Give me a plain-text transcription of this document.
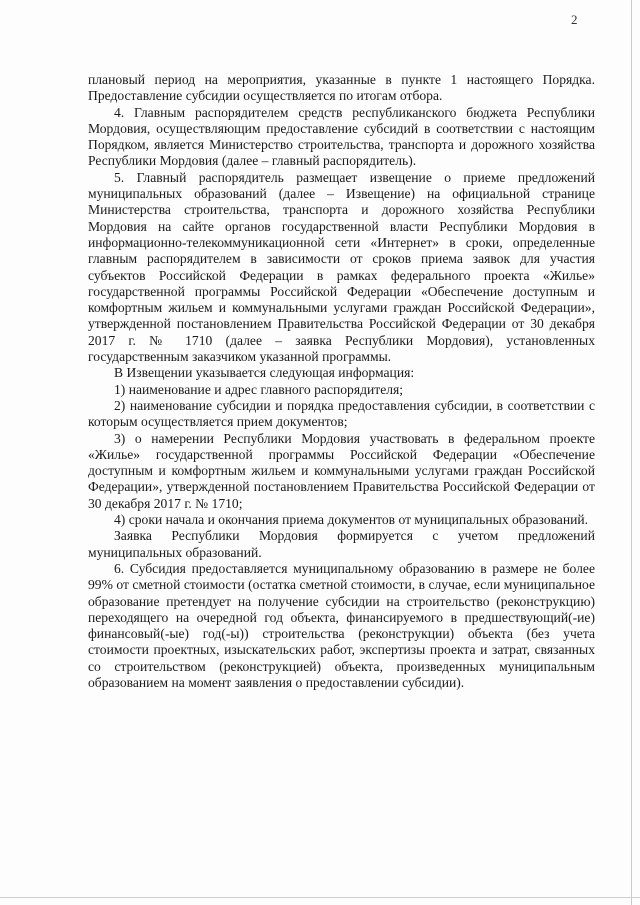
2

плановый период на мероприятия, указанные в пункте 1 настоящего Порядка. Предоставление субсидии осуществляется по итогам отбора.

4. Главным распорядителем средств республиканского бюджета Республики Мордовия, осуществляющим предоставление субсидий в соответствии с настоящим Порядком, является Министерство строительства, транспорта и дорожного хозяйства Республики Мордовия (далее – главный распорядитель).

5. Главный распорядитель размещает извещение о приеме предложений муниципальных образований (далее – Извещение) на официальной странице Министерства строительства, транспорта и дорожного хозяйства Республики Мордовия на сайте органов государственной власти Республики Мордовия в информационно-телекоммуникационной сети «Интернет» в сроки, определенные главным распорядителем в зависимости от сроков приема заявок для участия субъектов Российской Федерации в рамках федерального проекта «Жилье» государственной программы Российской Федерации «Обеспечение доступным и комфортным жильем и коммунальными услугами граждан Российской Федерации», утвержденной постановлением Правительства Российской Федерации от 30 декабря 2017 г. № 1710 (далее – заявка Республики Мордовия), установленных государственным заказчиком указанной программы.

В Извещении указывается следующая информация:

1) наименование и адрес главного распорядителя;

2) наименование субсидии и порядка предоставления субсидии, в соответствии с которым осуществляется прием документов;

3) о намерении Республики Мордовия участвовать в федеральном проекте «Жилье» государственной программы Российской Федерации «Обеспечение доступным и комфортным жильем и коммунальными услугами граждан Российской Федерации», утвержденной постановлением Правительства Российской Федерации от 30 декабря 2017 г. № 1710;

4) сроки начала и окончания приема документов от муниципальных образований.

Заявка Республики Мордовия формируется с учетом предложений муниципальных образований.

6. Субсидия предоставляется муниципальному образованию в размере не более 99% от сметной стоимости (остатка сметной стоимости, в случае, если муниципальное образование претендует на получение субсидии на строительство (реконструкцию) переходящего на очередной год объекта, финансируемого в предшествующий(-ие) финансовый(-ые) год(-ы)) строительства (реконструкции) объекта (без учета стоимости проектных, изыскательских работ, экспертизы проекта и затрат, связанных со строительством (реконструкцией) объекта, произведенных муниципальным образованием на момент заявления о предоставлении субсидии).
